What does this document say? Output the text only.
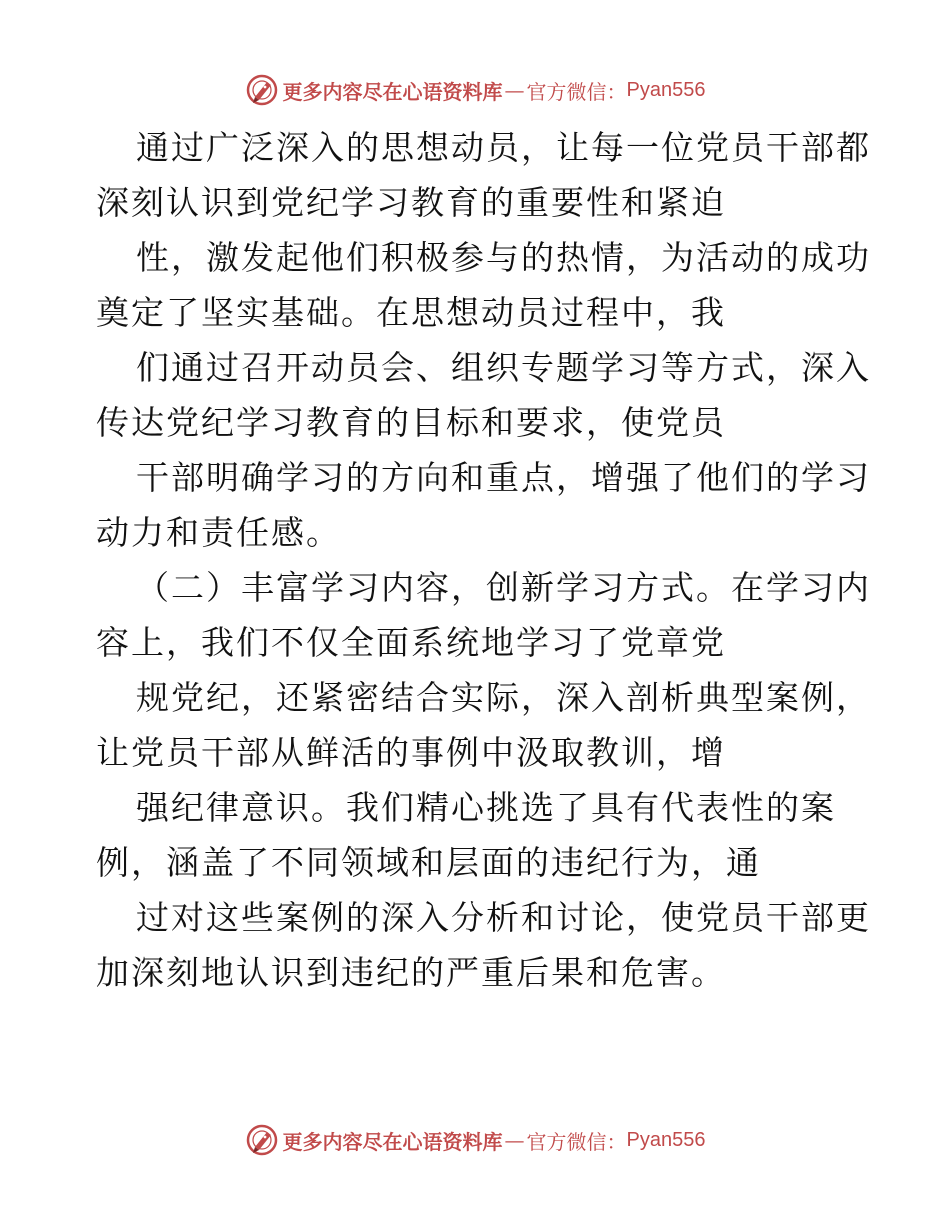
更多内容尽在心语资料库 — 官方微信： Pyan556
通过广泛深入的思想动员，让每一位党员干部都
深刻认识到党纪学习教育的重要性和紧迫
性，激发起他们积极参与的热情，为活动的成功
奠定了坚实基础。在思想动员过程中，我
们通过召开动员会、组织专题学习等方式，深入
传达党纪学习教育的目标和要求，使党员
干部明确学习的方向和重点，增强了他们的学习
动力和责任感。
（二）丰富学习内容，创新学习方式。在学习内
容上，我们不仅全面系统地学习了党章党
规党纪，还紧密结合实际，深入剖析典型案例，
让党员干部从鲜活的事例中汲取教训，增
强纪律意识。我们精心挑选了具有代表性的案
例，涵盖了不同领域和层面的违纪行为，通
过对这些案例的深入分析和讨论，使党员干部更
加深刻地认识到违纪的严重后果和危害。
更多内容尽在心语资料库 — 官方微信： Pyan556
